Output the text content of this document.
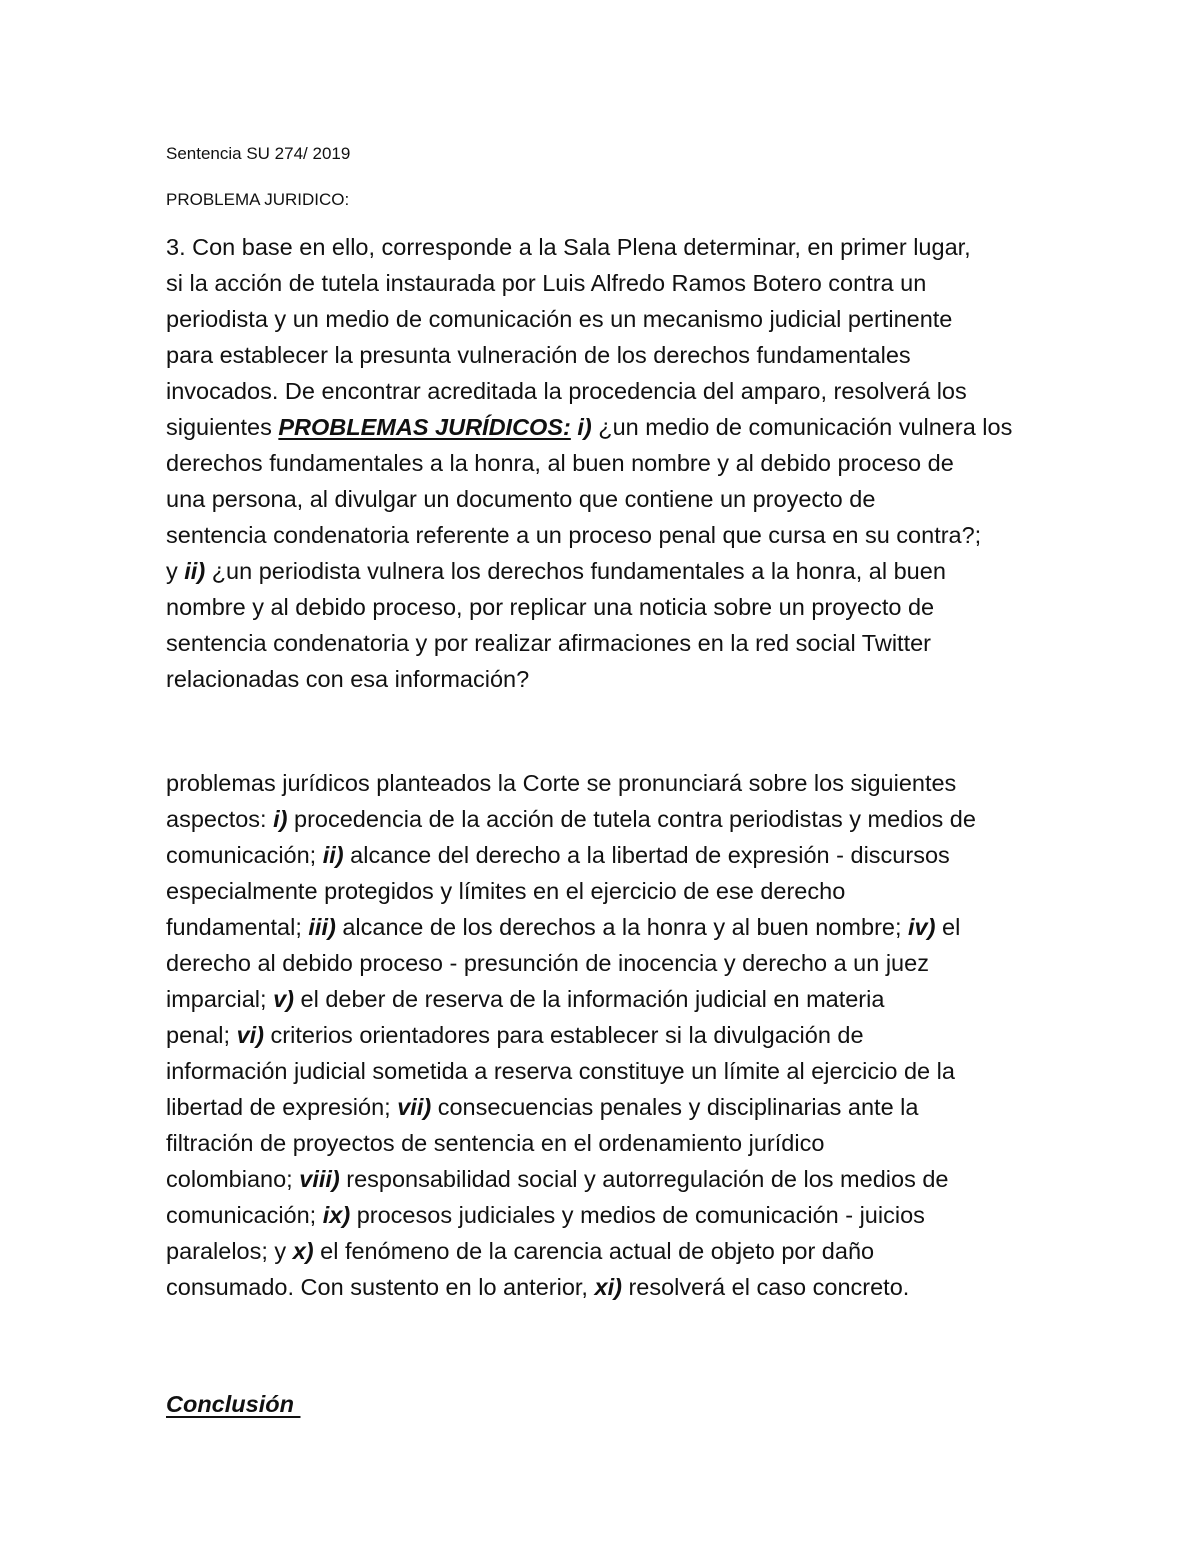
Sentencia SU 274/ 2019
PROBLEMA JURIDICO:
3. Con base en ello, corresponde a la Sala Plena determinar, en primer lugar,
si la acción de tutela instaurada por Luis Alfredo Ramos Botero contra un
periodista y un medio de comunicación es un mecanismo judicial pertinente
para establecer la presunta vulneración de los derechos fundamentales
invocados. De encontrar acreditada la procedencia del amparo, resolverá los
siguientes PROBLEMAS JURÍDICOS: i) ¿un medio de comunicación vulnera los
derechos fundamentales a la honra, al buen nombre y al debido proceso de
una persona, al divulgar un documento que contiene un proyecto de
sentencia condenatoria referente a un proceso penal que cursa en su contra?;
y ii) ¿un periodista vulnera los derechos fundamentales a la honra, al buen
nombre y al debido proceso, por replicar una noticia sobre un proyecto de
sentencia condenatoria y por realizar afirmaciones en la red social Twitter
relacionadas con esa información?
problemas jurídicos planteados la Corte se pronunciará sobre los siguientes
aspectos: i) procedencia de la acción de tutela contra periodistas y medios de
comunicación; ii) alcance del derecho a la libertad de expresión - discursos
especialmente protegidos y límites en el ejercicio de ese derecho
fundamental; iii) alcance de los derechos a la honra y al buen nombre; iv) el
derecho al debido proceso - presunción de inocencia y derecho a un juez
imparcial; v) el deber de reserva de la información judicial en materia
penal; vi) criterios orientadores para establecer si la divulgación de
información judicial sometida a reserva constituye un límite al ejercicio de la
libertad de expresión; vii) consecuencias penales y disciplinarias ante la
filtración de proyectos de sentencia en el ordenamiento jurídico
colombiano; viii) responsabilidad social y autorregulación de los medios de
comunicación; ix) procesos judiciales y medios de comunicación - juicios
paralelos; y x) el fenómeno de la carencia actual de objeto por daño
consumado. Con sustento en lo anterior, xi) resolverá el caso concreto.
Conclusión
